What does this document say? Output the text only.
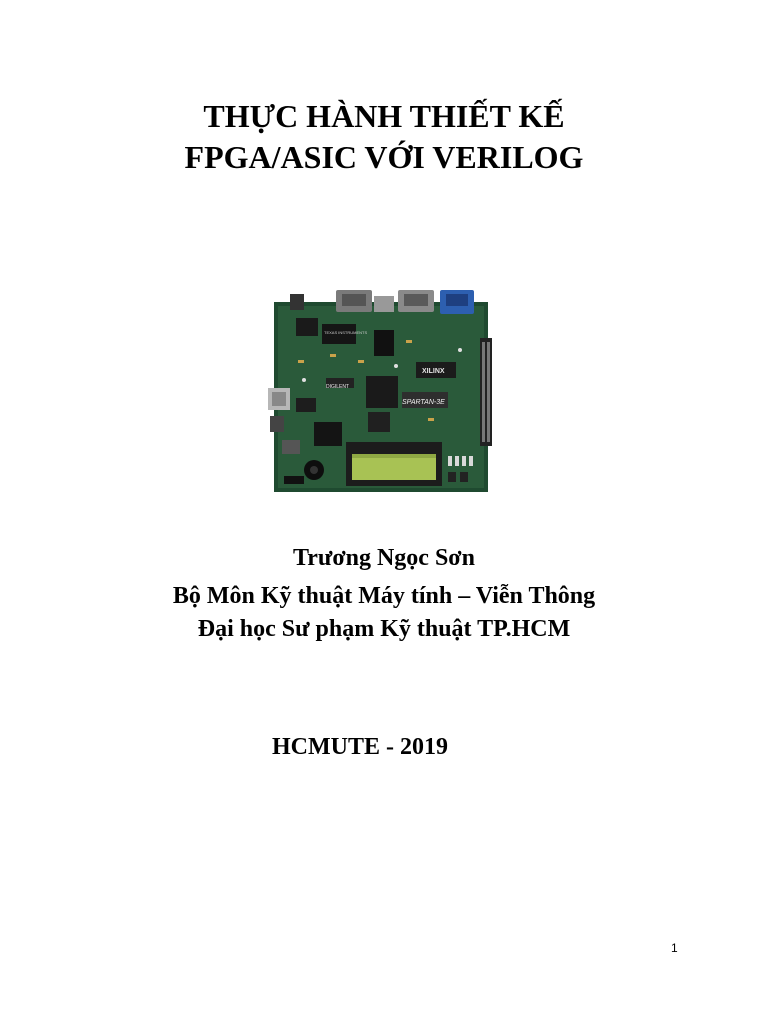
THỰC HÀNH THIẾT KẾ
FPGA/ASIC VỚI VERILOG
TEXAS INSTRUMENTS
XILINX
DIGILENT
SPARTAN-3E
Trương Ngọc Sơn
Bộ Môn Kỹ thuật Máy tính – Viễn Thông
Đại học Sư phạm Kỹ thuật TP.HCM
HCMUTE - 2019
1
